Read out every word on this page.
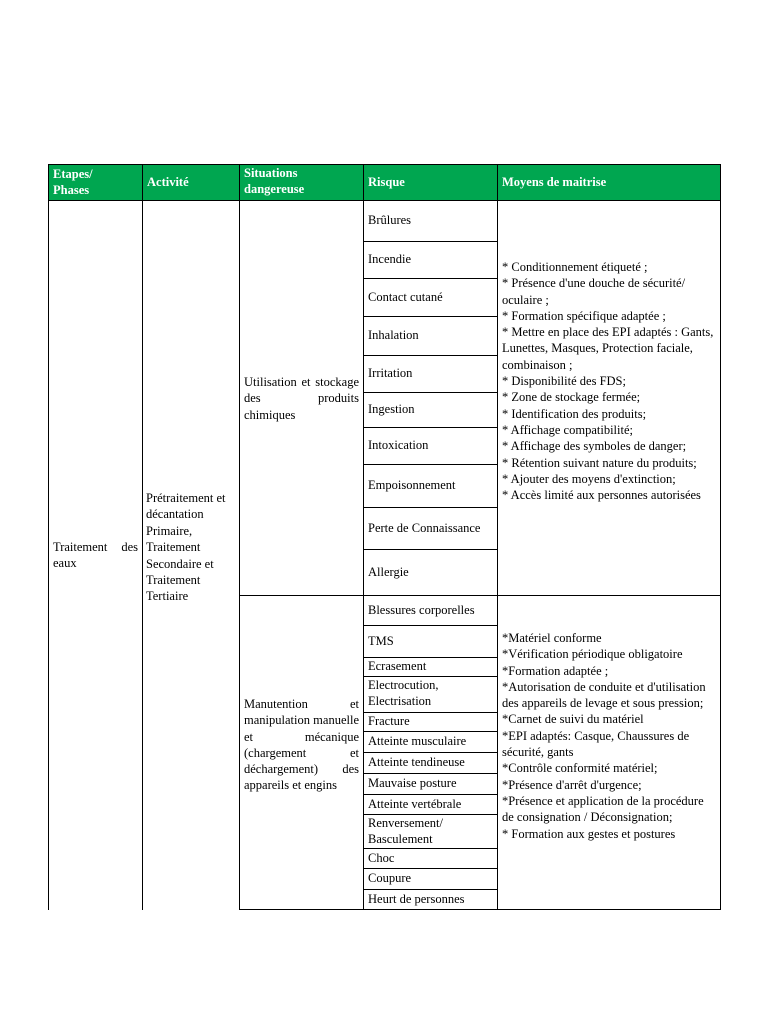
Etapes/ Phases
Activité
Situations dangereuse	Risque	Moyens de maitrise
Traitement des eaux
Prétraitement et décantation Primaire, Traitement Secondaire et Traitement Tertiaire
Utilisation et stockage des produits chimiques
Manutention et manipulation manuelle et mécanique (chargement et déchargement) des appareils et engins
Brûlures
Incendie
Contact cutané
Inhalation
Irritation
Ingestion
Intoxication
Empoisonnement
Perte de Connaissance
Allergie
Blessures corporelles
TMS
Ecrasement
Electrocution, Electrisation
Fracture
Atteinte musculaire
Atteinte tendineuse
Mauvaise posture
Atteinte vertébrale
Renversement/ Basculement
Choc
Coupure
Heurt de personnes
* Conditionnement étiqueté ;
* Présence d'une douche de sécurité/ oculaire ;
* Formation spécifique adaptée ;
* Mettre en place des EPI adaptés : Gants, Lunettes, Masques, Protection faciale, combinaison ;
* Disponibilité des FDS;
* Zone de stockage fermée;
* Identification des produits;
* Affichage compatibilité;
* Affichage des symboles de danger;
* Rétention suivant nature du produits;
* Ajouter des moyens d'extinction;
* Accès limité aux personnes autorisées
*Matériel conforme
*Vérification périodique obligatoire
*Formation adaptée ;
*Autorisation de conduite et d'utilisation des appareils de levage et sous pression;
*Carnet de suivi du matériel
*EPI adaptés: Casque, Chaussures de sécurité, gants
*Contrôle conformité matériel;
*Présence d'arrêt d'urgence;
*Présence et application de la procédure de consignation / Déconsignation;
* Formation aux gestes et postures
